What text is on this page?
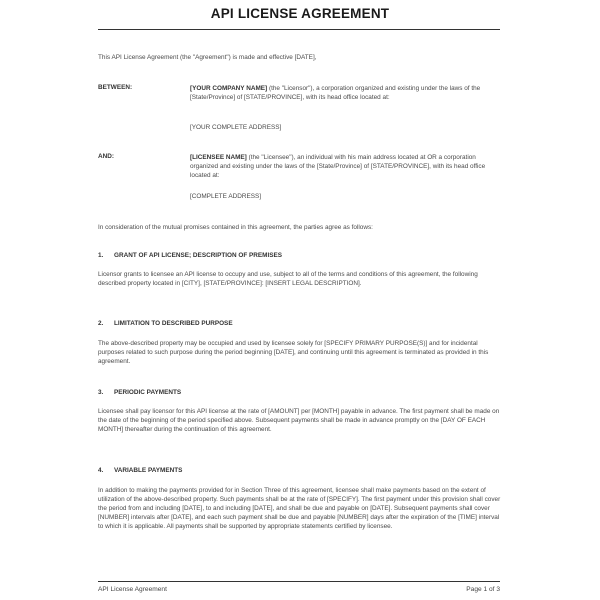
API LICENSE AGREEMENT
This API License Agreement (the "Agreement") is made and effective [DATE],
BETWEEN:	[YOUR COMPANY NAME] (the "Licensor"), a corporation organized and existing under the laws of the [State/Province] of [STATE/PROVINCE], with its head office located at:
[YOUR COMPLETE ADDRESS]
AND:	[LICENSEE NAME] (the "Licensee"), an individual with his main address located at OR a corporation organized and existing under the laws of the [State/Province] of [STATE/PROVINCE], with its head office located at:
[COMPLETE ADDRESS]
In consideration of the mutual promises contained in this agreement, the parties agree as follows:
1. GRANT OF API LICENSE; DESCRIPTION OF PREMISES
Licensor grants to licensee an API license to occupy and use, subject to all of the terms and conditions of this agreement, the following described property located in [CITY], [STATE/PROVINCE]: [INSERT LEGAL DESCRIPTION].
2. LIMITATION TO DESCRIBED PURPOSE
The above-described property may be occupied and used by licensee solely for [SPECIFY PRIMARY PURPOSE(S)] and for incidental purposes related to such purpose during the period beginning [DATE], and continuing until this agreement is terminated as provided in this agreement.
3. PERIODIC PAYMENTS
Licensee shall pay licensor for this API license at the rate of [AMOUNT] per [MONTH] payable in advance. The first payment shall be made on the date of the beginning of the period specified above. Subsequent payments shall be made in advance promptly on the [DAY OF EACH MONTH] thereafter during the continuation of this agreement.
4. VARIABLE PAYMENTS
In addition to making the payments provided for in Section Three of this agreement, licensee shall make payments based on the extent of utilization of the above-described property. Such payments shall be at the rate of [SPECIFY]. The first payment under this provision shall cover the period from and including [DATE], to and including [DATE], and shall be due and payable on [DATE]. Subsequent payments shall cover [NUMBER] intervals after [DATE], and each such payment shall be due and payable [NUMBER] days after the expiration of the [TIME] interval to which it is applicable. All payments shall be supported by appropriate statements certified by licensee.
API License Agreement	Page 1 of 3
